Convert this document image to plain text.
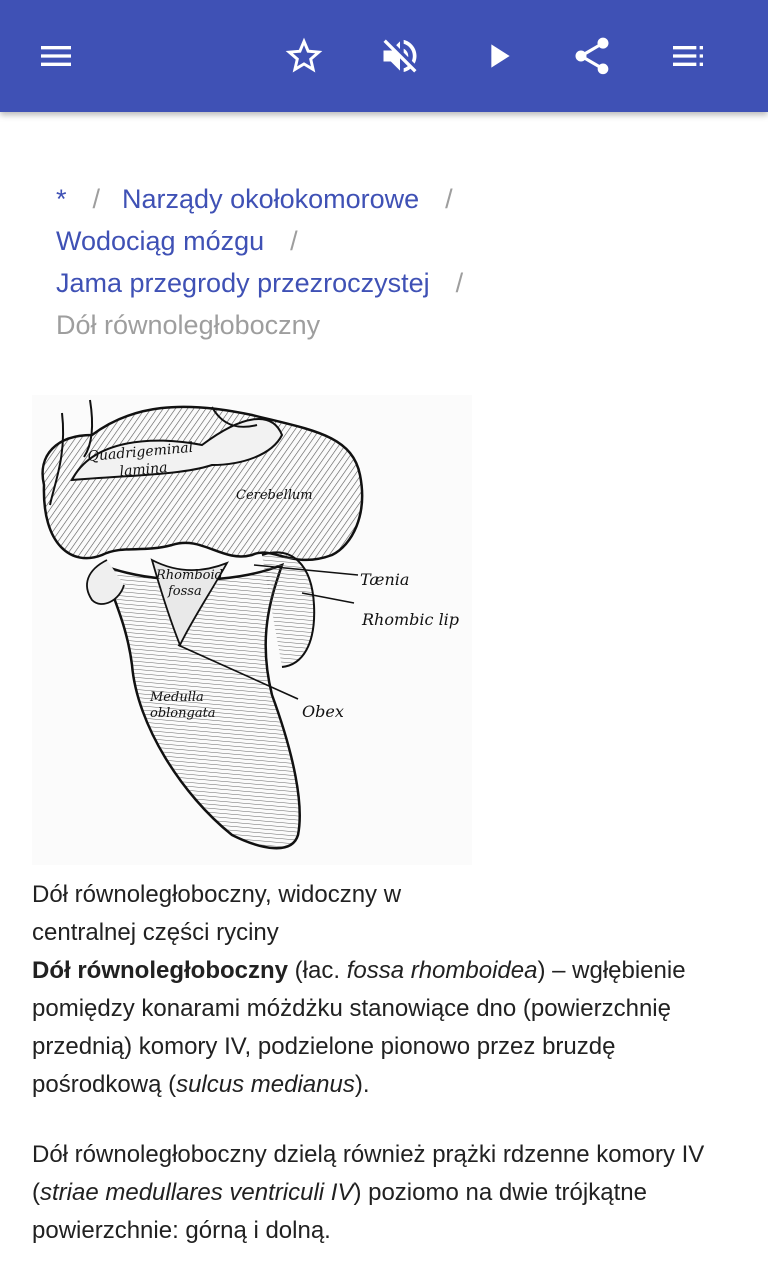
* / Narządy okołokomorowe /
Wodociąg mózgu /
Jama przegrody przezroczystej /
Dół równoległoboczny
Quadrigeminal
lamina
Cerebellum
Rhomboid
fossa
Tænia
Rhombic lip
Medulla
oblongata	Obex
Dół równoległoboczny, widoczny w centralnej części ryciny
Dół równoległoboczny (łac. fossa rhomboidea) – wgłębienie pomiędzy konarami móżdżku stanowiące dno (powierzchnię przednią) komory IV, podzielone pionowo przez bruzdę pośrodkową (sulcus medianus).
Dół równoległoboczny dzielą również prążki rdzenne komory IV (striae medullares ventriculi IV) poziomo na dwie trójkątne powierzchnie: górną i dolną.
